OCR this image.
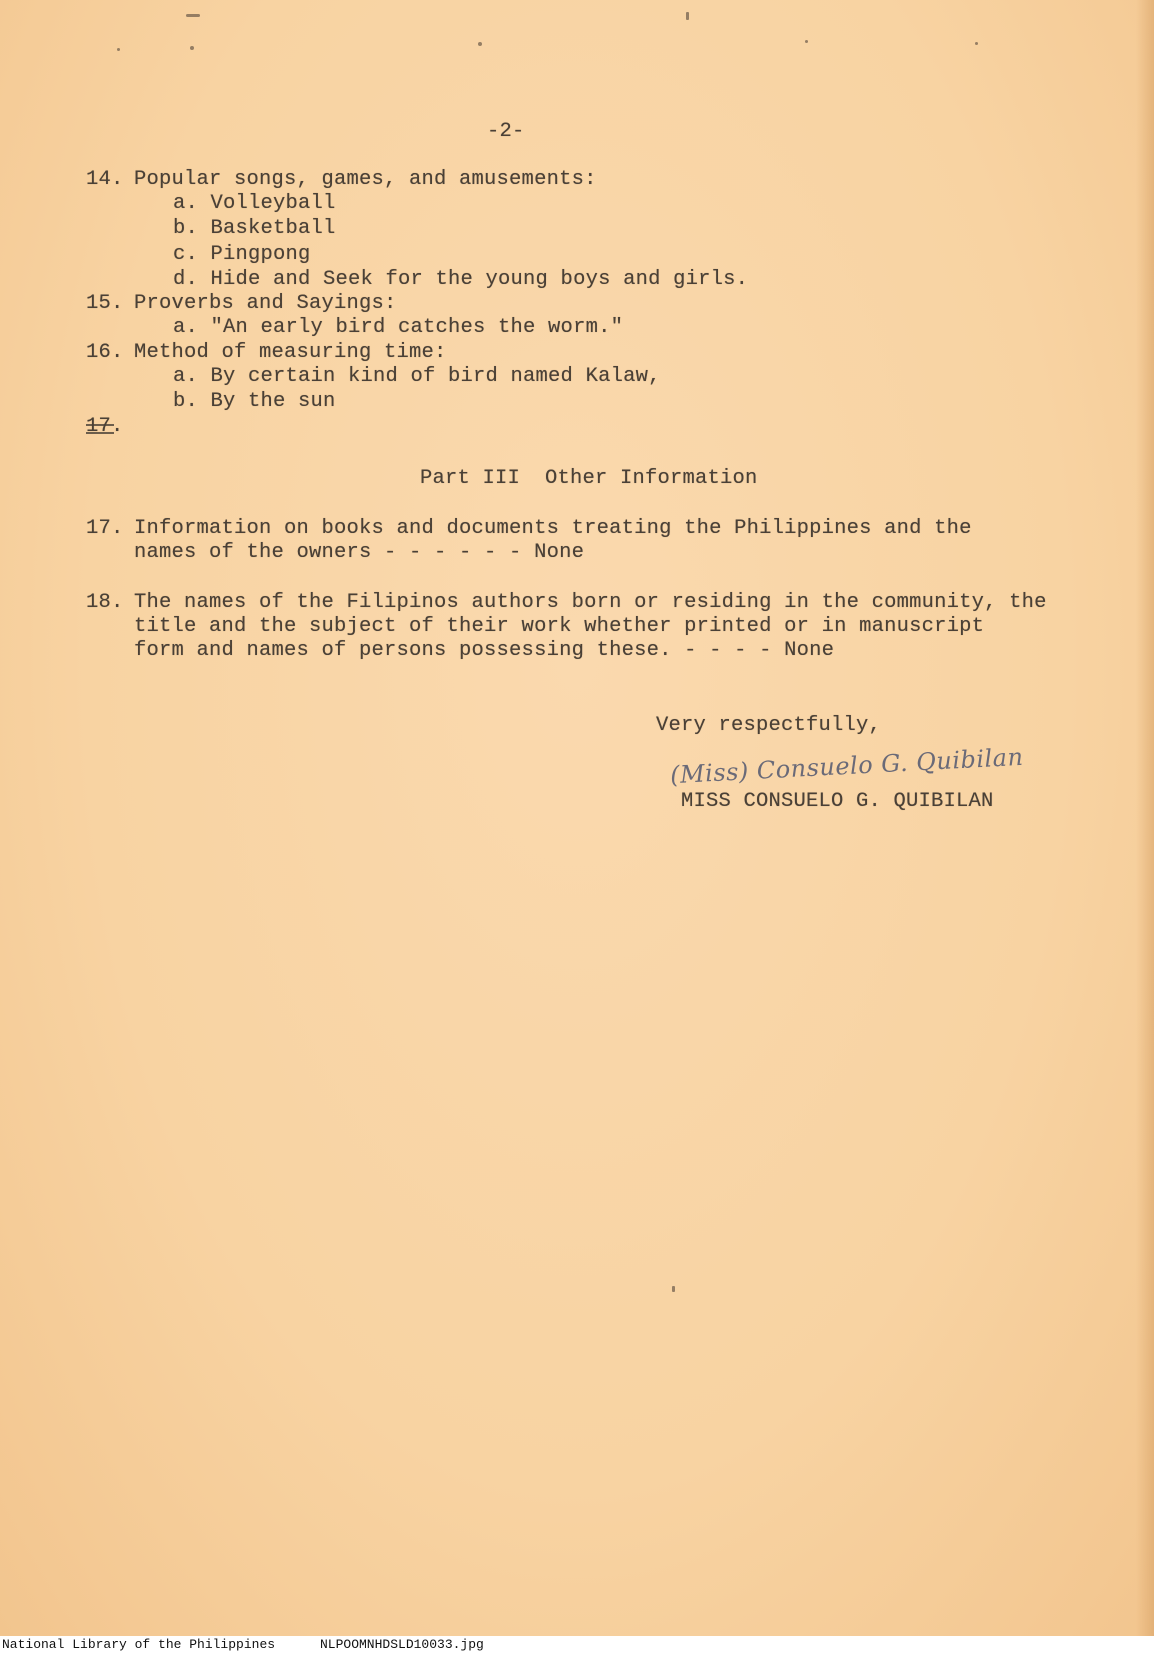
-2-
14. Popular songs, games, and amusements:
a. Volleyball
b. Basketball
c. Pingpong
d. Hide and Seek for the young boys and girls.
15. Proverbs and Sayings:
a. "An early bird catches the worm."
16. Method of measuring time:
a. By certain kind of bird named Kalaw,
b. By the sun
17.
Part III  Other Information
17. Information on books and documents treating the Philippines and the
names of the owners - - - - - - None
18. The names of the Filipinos authors born or residing in the community, the
title and the subject of their work whether printed or in manuscript
form and names of persons possessing these. - - - - None
Very respectfully,
(Miss) Consuelo G. Quibilan
MISS CONSUELO G. QUIBILAN
National Library of the Philippines	NLPOOMNHDSLD10033.jpg
